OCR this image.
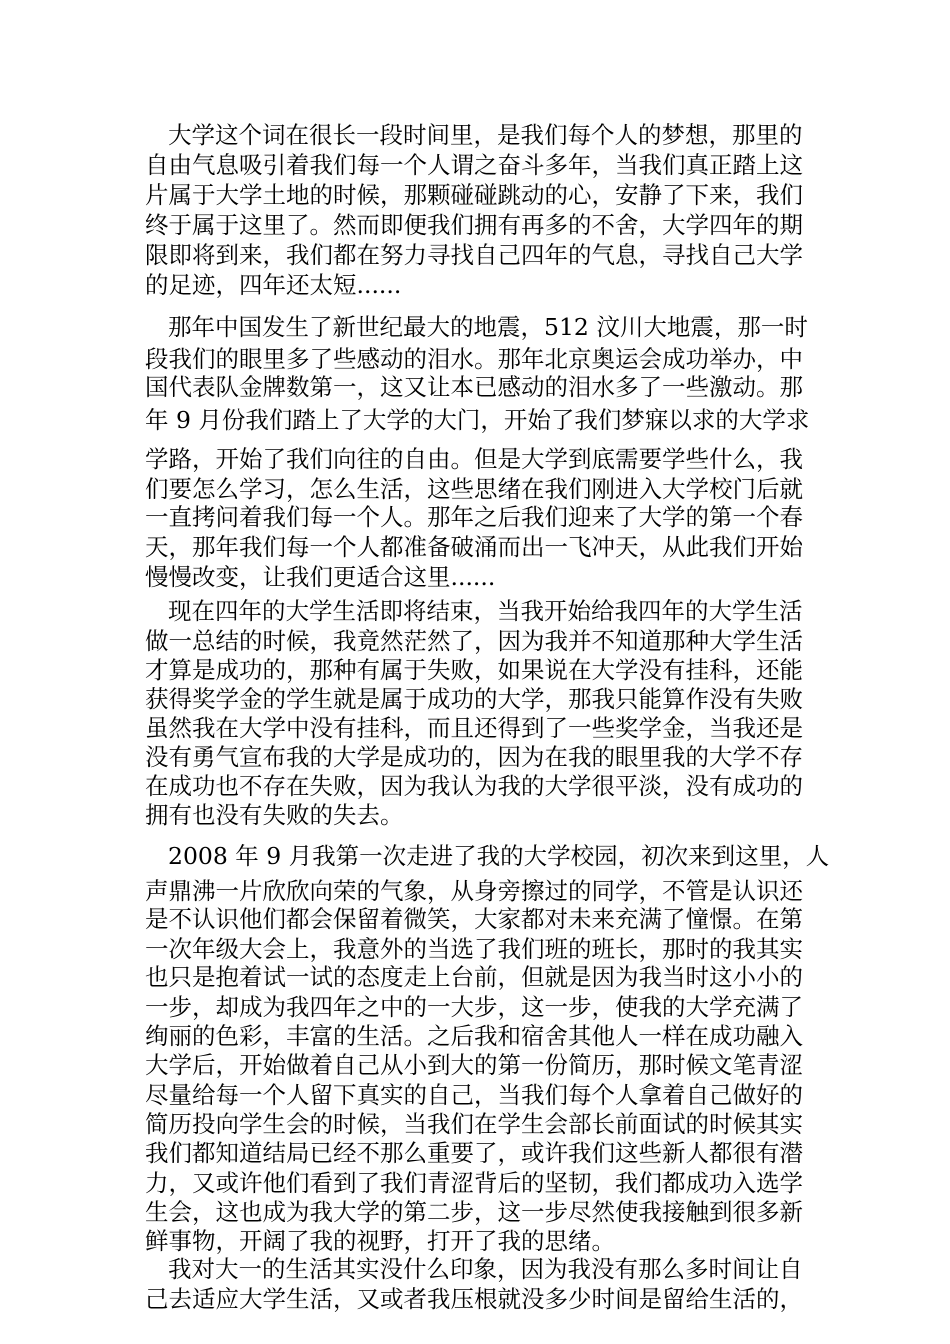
大学这个词在很长一段时间里，是我们每个人的梦想，那里的
自由气息吸引着我们每一个人谓之奋斗多年，当我们真正踏上这
片属于大学土地的时候，那颗碰碰跳动的心，安静了下来，我们
终于属于这里了。然而即便我们拥有再多的不舍，大学四年的期
限即将到来，我们都在努力寻找自己四年的气息，寻找自己大学
的足迹，四年还太短......
那年中国发生了新世纪最大的地震，512 汶川大地震，那一时
段我们的眼里多了些感动的泪水。那年北京奥运会成功举办，中
国代表队金牌数第一，这又让本已感动的泪水多了一些激动。那
年 9 月份我们踏上了大学的大门，开始了我们梦寐以求的大学求
学路，开始了我们向往的自由。但是大学到底需要学些什么，我
们要怎么学习，怎么生活，这些思绪在我们刚进入大学校门后就
一直拷问着我们每一个人。那年之后我们迎来了大学的第一个春
天，那年我们每一个人都准备破涌而出一飞冲天，从此我们开始
慢慢改变，让我们更适合这里......
现在四年的大学生活即将结束，当我开始给我四年的大学生活
做一总结的时候，我竟然茫然了，因为我并不知道那种大学生活
才算是成功的，那种有属于失败，如果说在大学没有挂科，还能
获得奖学金的学生就是属于成功的大学，那我只能算作没有失败
虽然我在大学中没有挂科，而且还得到了一些奖学金，当我还是
没有勇气宣布我的大学是成功的，因为在我的眼里我的大学不存
在成功也不存在失败，因为我认为我的大学很平淡，没有成功的
拥有也没有失败的失去。
2008 年 9 月我第一次走进了我的大学校园，初次来到这里，人
声鼎沸一片欣欣向荣的气象，从身旁擦过的同学，不管是认识还
是不认识他们都会保留着微笑，大家都对未来充满了憧憬。在第
一次年级大会上，我意外的当选了我们班的班长，那时的我其实
也只是抱着试一试的态度走上台前，但就是因为我当时这小小的
一步，却成为我四年之中的一大步，这一步，使我的大学充满了
绚丽的色彩，丰富的生活。之后我和宿舍其他人一样在成功融入
大学后，开始做着自己从小到大的第一份简历，那时候文笔青涩
尽量给每一个人留下真实的自己，当我们每个人拿着自己做好的
简历投向学生会的时候，当我们在学生会部长前面试的时候其实
我们都知道结局已经不那么重要了，或许我们这些新人都很有潜
力，又或许他们看到了我们青涩背后的坚韧，我们都成功入选学
生会，这也成为我大学的第二步，这一步尽然使我接触到很多新
鲜事物，开阔了我的视野，打开了我的思绪。
我对大一的生活其实没什么印象，因为我没有那么多时间让自
己去适应大学生活，又或者我压根就没多少时间是留给生活的，
